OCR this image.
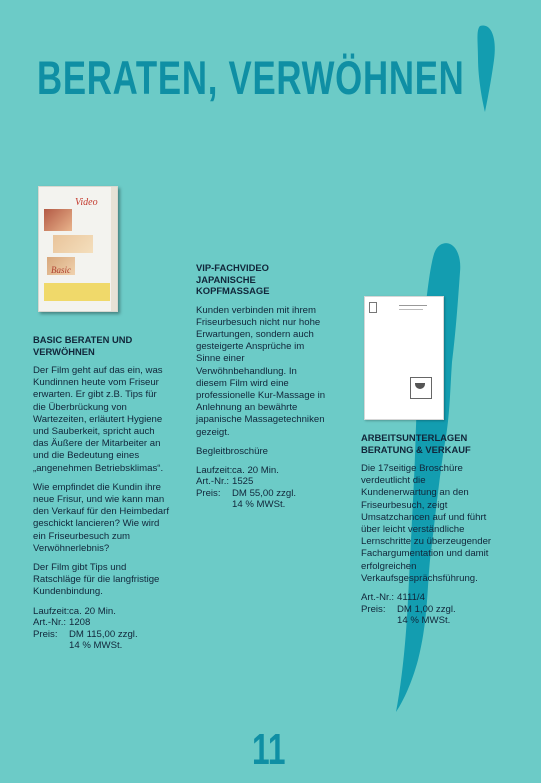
BERATEN, VERWÖHNEN
Video
Basic
BASIC BERATEN UND VERWÖHNEN

Der Film geht auf das ein, was Kundinnen heute vom Friseur erwarten. Er gibt z.B. Tips für die Überbrückung von Wartezeiten, erläutert Hygiene und Sauberkeit, spricht auch das Äußere der Mitarbeiter an und die Bedeutung eines „angenehmen Betriebsklimas“.

Wie empfindet die Kundin ihre neue Frisur, und wie kann man den Verkauf für den Heimbedarf geschickt lancieren? Wie wird ein Friseurbesuch zum Verwöhnerlebnis?

Der Film gibt Tips und Ratschläge für die langfristige Kundenbindung.

Laufzeit: ca. 20 Min.
Art.-Nr.: 1208
Preis:	DM 115,00 zzgl.
14 % MWSt.
VIP-FACHVIDEO JAPANISCHE KOPFMASSAGE

Kunden verbinden mit ihrem Friseurbesuch nicht nur hohe Erwartungen, sondern auch gesteigerte Ansprüche im Sinne einer Verwöhnbehandlung. In diesem Film wird eine professionelle Kur-Massage in Anlehnung an bewährte japanische Massagetechniken gezeigt.

Begleitbroschüre

Laufzeit: ca. 20 Min.
Art.-Nr.: 1525
Preis:	DM 55,00 zzgl.
14 % MWSt.
ARBEITSUNTERLAGEN BERATUNG & VERKAUF

Die 17seitige Broschüre verdeutlicht die Kundenerwartung an den Friseurbesuch, zeigt Umsatzchancen auf und führt über leicht verständliche Lernschritte zu überzeugender Fachargumentation und damit erfolgreichen Verkaufsgesprächsführung.

Art.-Nr.: 4111/4
Preis:	DM 1,00 zzgl.
14 % MWSt.
11
